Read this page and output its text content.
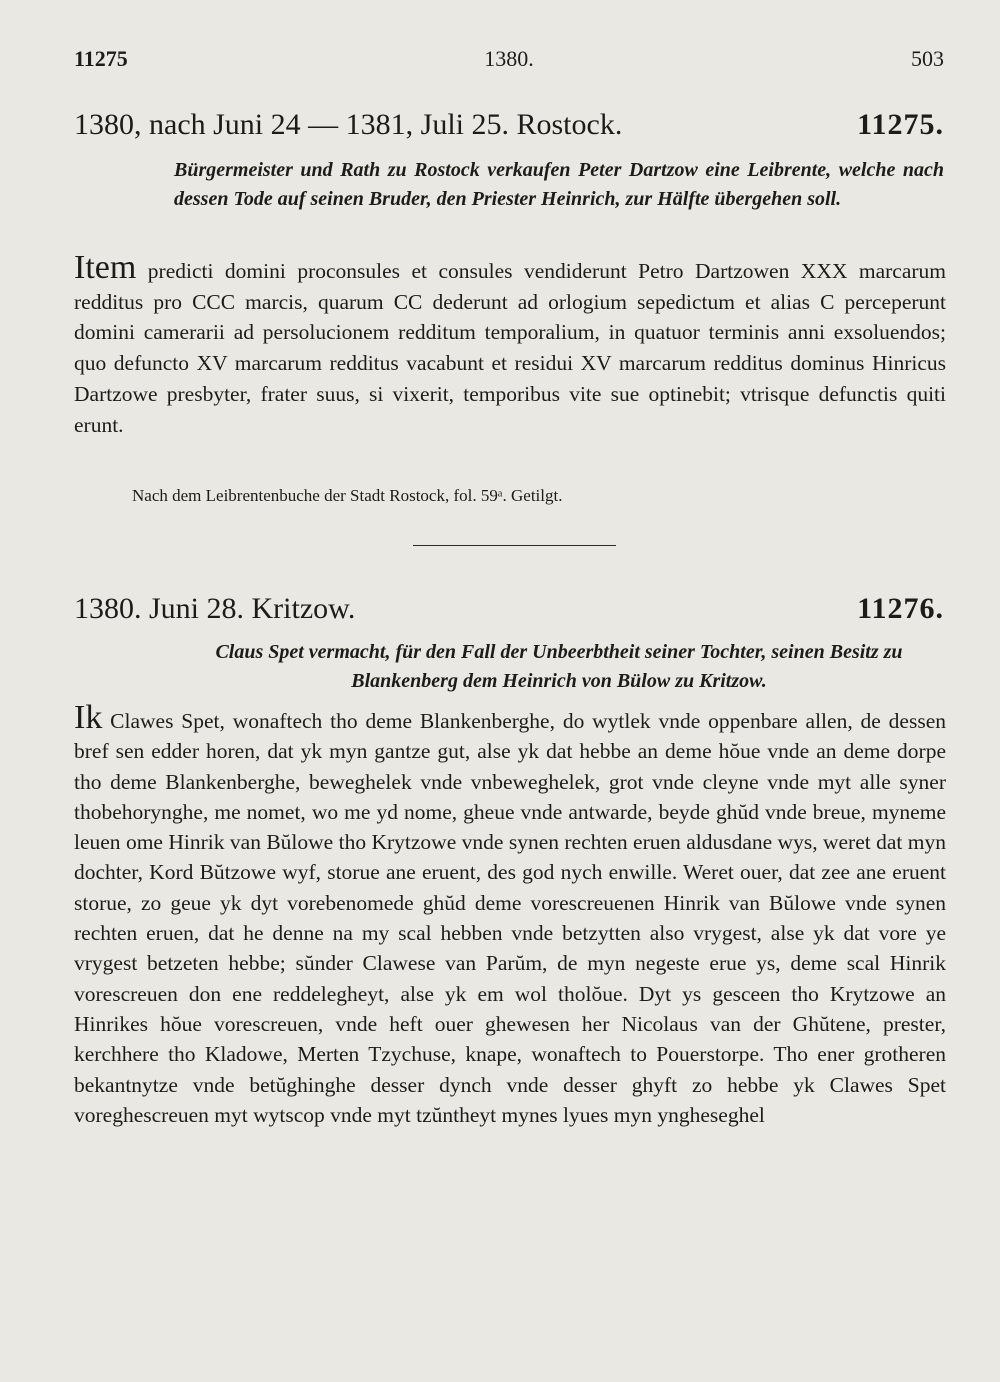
11275	1380.	503
1380, nach Juni 24 — 1381, Juli 25. Rostock.	11275.
Bürgermeister und Rath zu Rostock verkaufen Peter Dartzow eine Leibrente, welche nach dessen Tode auf seinen Bruder, den Priester Heinrich, zur Hälfte übergehen soll.
Item predicti domini proconsules et consules vendiderunt Petro Dartzowen XXX marcarum redditus pro CCC marcis, quarum CC dederunt ad orlogium sepedictum et alias C perceperunt domini camerarii ad persolucionem redditum temporalium, in quatuor terminis anni exsoluendos; quo defuncto XV marcarum redditus vacabunt et residui XV marcarum redditus dominus Hinricus Dartzowe presbyter, frater suus, si vixerit, temporibus vite sue optinebit; vtrisque defunctis quiti erunt.
Nach dem Leibrentenbuche der Stadt Rostock, fol. 59ᵃ. Getilgt.
1380. Juni 28. Kritzow.	11276.
Claus Spet vermacht, für den Fall der Unbeerbtheit seiner Tochter, seinen Besitz zu Blankenberg dem Heinrich von Bülow zu Kritzow.
Ik Clawes Spet, wonaftech tho deme Blankenberghe, do wytlek vnde oppenbare allen, de dessen bref sen edder horen, dat yk myn gantze gut, alse yk dat hebbe an deme hŏue vnde an deme dorpe tho deme Blankenberghe, beweghelek vnde vnbeweghelek, grot vnde cleyne vnde myt alle syner thobehorynghe, me nomet, wo me yd nome, gheue vnde antwarde, beyde ghŭd vnde breue, myneme leuen ome Hinrik van Bŭlowe tho Krytzowe vnde synen rechten eruen aldusdane wys, weret dat myn dochter, Kord Bŭtzowe wyf, storue ane eruent, des god nych enwille. Weret ouer, dat zee ane eruent storue, zo geue yk dyt vorebenomede ghŭd deme vorescreuenen Hinrik van Bŭlowe vnde synen rechten eruen, dat he denne na my scal hebben vnde betzytten also vrygest, alse yk dat vore ye vrygest betzeten hebbe; sŭnder Clawese van Parŭm, de myn negeste erue ys, deme scal Hinrik vorescreuen don ene reddelegheyt, alse yk em wol tholŏue. Dyt ys gesceen tho Krytzowe an Hinrikes hŏue vorescreuen, vnde heft ouer ghewesen her Nicolaus van der Ghŭtene, prester, kerchhere tho Kladowe, Merten Tzychuse, knape, wonaftech to Pouerstorpe. Tho ener grotheren bekantnytze vnde betŭghinghe desser dynch vnde desser ghyft zo hebbe yk Clawes Spet voreghescreuen myt wytscop vnde myt tzŭntheyt mynes lyues myn yngheseghel
